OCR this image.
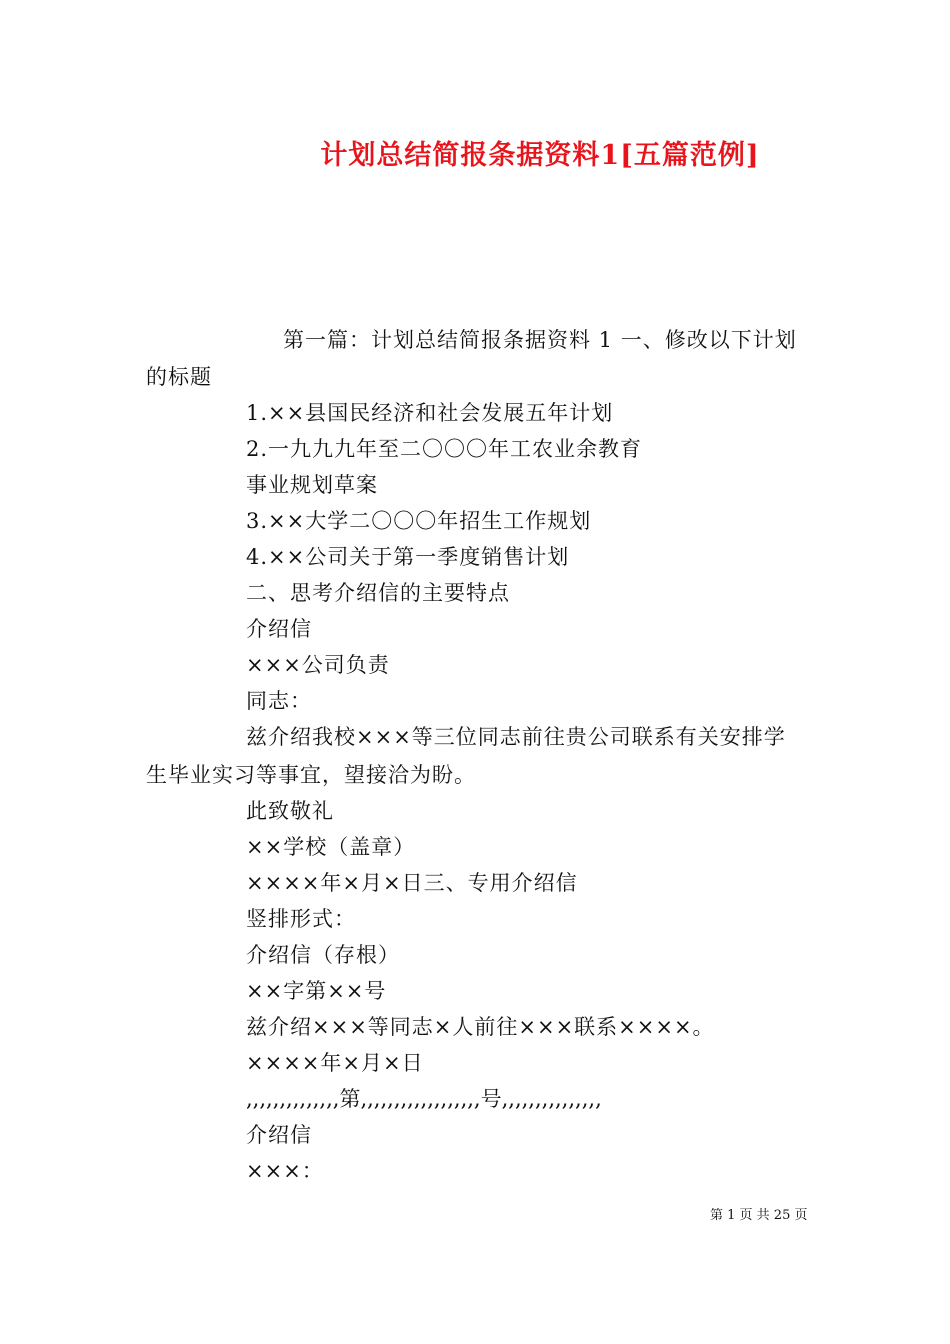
计划总结简报条据资料1[五篇范例]
第一篇：计划总结简报条据资料 1 一、修改以下计划
的标题
1.××县国民经济和社会发展五年计划
2.一九九九年至二〇〇〇年工农业余教育
事业规划草案
3.××大学二〇〇〇年招生工作规划
4.××公司关于第一季度销售计划
二、思考介绍信的主要特点
介绍信
×××公司负责
同志：
兹介绍我校×××等三位同志前往贵公司联系有关安排学
生毕业实习等事宜，望接洽为盼。
此致敬礼
××学校（盖章）
××××年×月×日三、专用介绍信
竖排形式：
介绍信（存根）
××字第××号
兹介绍×××等同志×人前往×××联系××××。
××××年×月×日
,,,,,,,,,,,,,,第,,,,,,,,,,,,,,,,,,号,,,,,,,,,,,,,,,
介绍信
×××：
第 1 页 共 25 页
